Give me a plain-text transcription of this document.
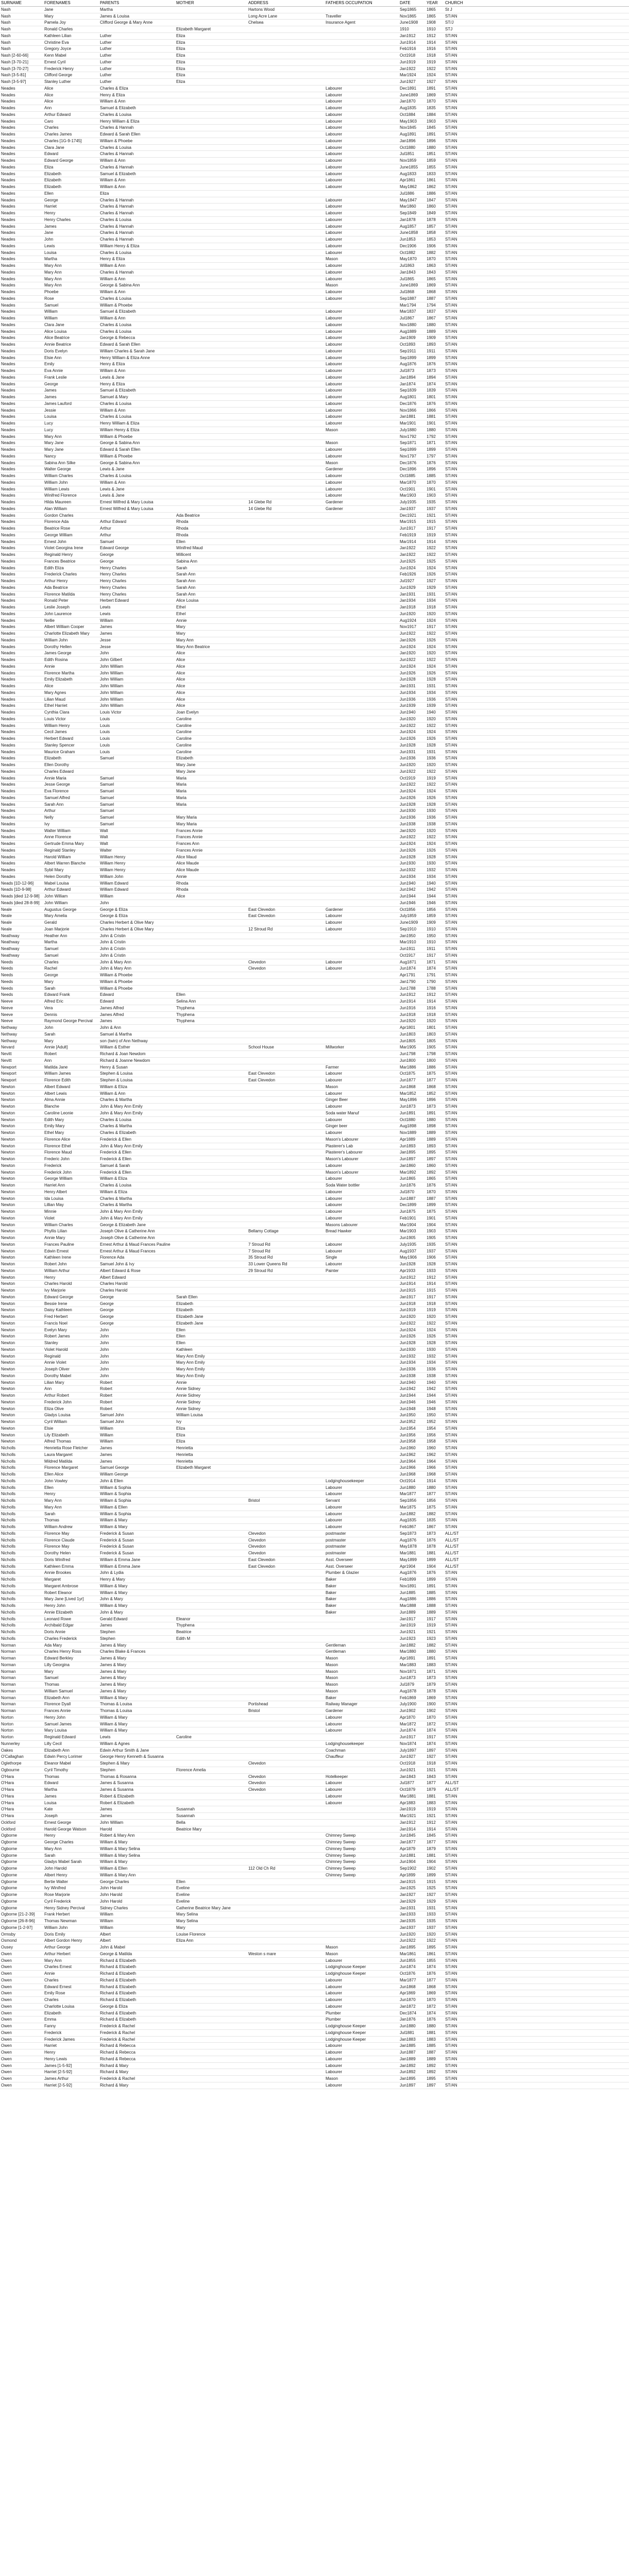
SURNAME	FORENAMES	PARENTS	MOTHER	ADDRESS	FATHERS OCCUPATION	DATE	YEAR	CHURCH	
Nash	Jane	Martha		Hartons Wood		Sep1865	1865	St J	
Nash	Mary	James & Louisa		Long Acre Lane	Traveller	Nov1865	1865	ST/AN	
Nash	Pamela Joy	Clifford George & Mary Anne		Chelsea	Insurance Agent	June1908	1908	ST/J	
Nash	Ronald Charles		Elizabeth Margaret			1910	1910	STJ	
Nash	Kathleen Lilian	Luther	Eliza			Jan1912	1912	ST/AN	
Nash	Christine Eva	Luther	Eliza			Jun1914	1914	ST/AN	
Nash	Gregory Joyce	Luther	Eliza			Feb1916	1916	ST/AN	
Nash [2-60-66]	Kenn Mabel	Luther	Eliza			Oct1918	1918	ST/AN	
Nash [3-70-21]	Ernest Cyril	Luther	Eliza			Jun1919	1919	ST/AN	
Nash [3-70-27]	Frederick Henry	Luther	Eliza			Jan1922	1922	ST/AN	
Nash [3-5-81]	Clifford George	Luther	Eliza			Mar1924	1924	ST/AN	
Nash [3-5-97]	Stanley Luther	Luther	Eliza			Jun1927	1927	ST/AN	
Neades	Alice	Charles & Eliza			Labourer	Dec1891	1891	ST/AN	
Neades	Alice	Henry & Eliza			Labourer	June1869	1869	ST/AN	
Neades	Alice	William & Ann			Labourer	Jan1870	1870	ST/AN	
Neades	Ann	Samuel & Elizabeth			Labourer	Aug1835	1835	ST/AN	
Neades	Arthur Edward	Charles & Louisa			Labourer	Oct1884	1884	ST/AN	
Neades	Caro	Henry William & Eliza			Labourer	May1903	1903	ST/AN	
Neades	Charles	Charles & Hannah			Labourer	Nov1845	1845	ST/AN	
Neades	Charles James	Edward & Sarah Ellen			Labourer	Aug1891	1891	ST/AN	
Neades	Charles [1G-9-1745]	William & Phoebe			Labourer	Jan1896	1896	ST/AN	
Neades	Clara Jane	Charles & Louisa			Labourer	Oct1880	1880	ST/AN	
Neades	Edward	Charles & Hannah			Labourer	Jul1851	1851	ST/AN	
Neades	Edward George	William & Ann			Labourer	Nov1859	1859	ST/AN	
Neades	Eliza	Charles & Hannah			Labourer	June1855	1855	ST/AN	
Neades	Elizabeth	Samuel & Elizabeth			Labourer	Aug1833	1833	ST/AN	
Neades	Elizabeth	William & Ann			Labourer	Apr1861	1861	ST/AN	
Neades	Elizabeth	William & Ann			Labourer	May1862	1862	ST/AN	
Neades	Ellen	Eliza				Jul1886	1886	ST/AN	
Neades	George	Charles & Hannah			Labourer	May1847	1847	ST/AN	
Neades	Harriet	Charles & Hannah			Labourer	Mar1860	1860	ST/AN	
Neades	Henry	Charles & Hannah			Labourer	Sep1849	1849	ST/AN	
Neades	Henry Charles	Charles & Louisa			Labourer	Jan1878	1878	ST/AN	
Neades	James	Charles & Hannah			Labourer	Aug1857	1857	ST/AN	
Neades	Jane	Charles & Hannah			Labourer	June1858	1858	ST/AN	
Neades	John	Charles & Hannah			Labourer	Jun1853	1853	ST/AN	
Neades	Lewis	William Henry & Eliza			Labourer	Dec1906	1906	ST/AN	
Neades	Louisa	Charles & Louisa			Labourer	Oct1882	1882	ST/AN	
Neades	Martha	Henry & Eliza			Mason	May1870	1870	ST/AN	
Neades	Mary Ann	William & Ann			Labourer	Jul1863	1863	ST/AN	
Neades	Mary Ann	Charles & Hannah			Labourer	Jan1843	1843	ST/AN	
Neades	Mary Ann	William & Ann			Labourer	Jul1865	1865	ST/AN	
Neades	Mary Ann	George & Sabina Ann			Mason	June1869	1869	ST/AN	
Neades	Phoebe	William & Ann			Labourer	Jul1868	1868	ST/AN	
Neades	Rose	Charles & Louisa			Labourer	Sep1887	1887	ST/AN	
Neades	Samuel	William & Phoebe				Mar1794	1794	ST/AN	
Neades	William	Samuel & Elizabeth			Labourer	Mar1837	1837	ST/AN	
Neades	William	William & Ann			Labourer	Jul1867	1867	ST/AN	
Neades	Clara Jane	Charles & Louisa			Labourer	Nov1880	1880	ST/AN	
Neades	Alice Louisa	Charles & Louisa			Labourer	Aug1889	1889	ST/AN	
Neades	Alice Beatrice	George & Rebecca			Labourer	Jan1909	1909	ST/AN	
Neades	Annie Beatrice	Edward & Sarah Ellen			Labourer	Oct1893	1893	ST/AN	
Neades	Doris Evelyn	William Charles & Sarah Jane			Labourer	Sep1911	1911	ST/AN	
Neades	Elsie Ann	Henry William & Eliza Anne			Labourer	Sep1899	1899	ST/AN	
Neades	Emily	Henry & Eliza			Labourer	Aug1876	1876	ST/AN	
Neades	Eva Annie	William & Ann			Labourer	Jul1873	1873	ST/AN	
Neades	Frank Leslie	Lewis & Jane			Labourer	Jan1894	1894	ST/AN	
Neades	George	Henry & Eliza			Labourer	Jan1874	1874	ST/AN	
Neades	James	Samuel & Elizabeth			Labourer	Sep1839	1839	ST/AN	
Neades	James	Samuel & Mary			Labourer	Aug1801	1801	ST/AN	
Neades	James Lauford	Charles & Louisa			Labourer	Dec1876	1876	ST/AN	
Neades	Jessie	William & Ann			Labourer	Nov1866	1866	ST/AN	
Neades	Louisa	Charles & Louisa			Labourer	Jan1881	1881	ST/AN	
Neades	Lucy	Henry William & Eliza			Labourer	Mar1901	1901	ST/AN	
Neades	Lucy	William Henry & Eliza			Mason	July1880	1880	ST/AN	
Neades	Mary Ann	William & Phoebe				Nov1792	1792	ST/AN	
Neades	Mary Jane	George & Sabina Ann			Mason	Sep1871	1871	ST/AN	
Neades	Mary Jane	Edward & Sarah Ellen			Labourer	Sep1899	1899	ST/AN	
Neades	Nancy	William & Phoebe			Labourer	Nov1797	1797	ST/AN	
Neades	Sabina Ann Silke	George & Sabina Ann			Mason	Dec1876	1876	ST/AN	
Neades	Walter George	Lewis & Jane			Gardener	Dec1896	1896	ST/AN	
Neades	William Charles	Charles & Louisa			Labourer	Oct1885	1885	ST/AN	
Neades	William John	William & Ann			Labourer	Mar1870	1870	ST/AN	
Neades	William Lewis	Lewis & Jane			Labourer	Oct1901	1901	ST/AN	
Neades	Winifred Florence	Lewis & Jane			Labourer	Mar1903	1903	ST/AN	
Neades	Hilda Maureen	Ernest Wilfred & Mary Louisa		14 Glebe Rd	Gardener	July1935	1935	ST/AN	
Neades	Alan William	Ernest Wilfred & Mary Louisa		14 Glebe Rd	Gardener	Jan1937	1937	ST/AN	
Neades	Gordon Charles		Ada Beatrice			Dec1921	1921	ST/AN	
Neades	Florence Ada	Arthur Edward	Rhoda			Mar1915	1915	ST/AN	
Neades	Beatrice Rose	Arthur	Rhoda			Jun1917	1917	ST/AN	
Neades	George William	Arthur	Rhoda			Feb1919	1919	ST/AN	
Neades	Ernest John	Samuel	Ellen			Mar1914	1914	ST/AN	
Neades	Violet Georgina Irene	Edward George	Winifred Maud			Jan1922	1922	ST/AN	
Neades	Reginald Henry	George	Millicent			Jan1922	1922	ST/AN	
Neades	Frances Beatrice	George	Sabina Ann			Jun1925	1925	ST/AN	
Neades	Edith Eliza	Henry Charles	Sarah			Jun1924	1924	ST/AN	
Neades	Frederick Charles	Henry Charles	Sarah Ann			Feb1926	1926	ST/AN	
Neades	Arthur Henry	Henry Charles	Sarah Ann			Jul1927	1927	ST/AN	
Neades	Ada Beatrice	Henry Charles	Sarah Ann			Jun1929	1929	ST/AN	
Neades	Florence Matilda	Henry Charles	Sarah Ann			Jan1931	1931	ST/AN	
Neades	Ronald Peter	Herbert Edward	Alice Louisa			Jan1934	1934	ST/AN	
Neades	Leslie Joseph	Lewis	Ethel			Jan1918	1918	ST/AN	
Neades	John Laurence	Lewis	Ethel			Jun1920	1920	ST/AN	
Neades	Nellie	William	Annie			Aug1924	1924	ST/AN	
Neades	Albert William Cooper	James	Mary			Nov1917	1917	ST/AN	
Neades	Charlotte Elizabeth Mary	James	Mary			Jun1922	1922	ST/AN	
Neades	William John	Jesse	Mary Ann			Jan1926	1926	ST/AN	
Neades	Dorothy Hellen	Jesse	Mary Ann Beatrice			Jun1924	1924	ST/AN	
Neades	James George	John	Alice			Jan1920	1920	ST/AN	
Neades	Edith Rosina	John Gilbert	Alice			Jun1922	1922	ST/AN	
Neades	Annie	John William	Alice			Jun1924	1924	ST/AN	
Neades	Florence Martha	John William	Alice			Jun1926	1926	ST/AN	
Neades	Emily Elizabeth	John William	Alice			Jun1928	1928	ST/AN	
Neades	Alice	John William	Alice			Jan1931	1931	ST/AN	
Neades	Mary Agnes	John William	Alice			Jun1934	1934	ST/AN	
Neades	Lilian Maud	John William	Alice			Jun1936	1936	ST/AN	
Neades	Ethel Harriet	John William	Alice			Jun1939	1939	ST/AN	
Neades	Cynthia Clara	Louis Victor	Joan Evelyn			Jun1940	1940	ST/AN	
Neades	Louis Victor	Louis	Caroline			Jun1920	1920	ST/AN	
Neades	William Henry	Louis	Caroline			Jun1922	1922	ST/AN	
Neades	Cecil James	Louis	Caroline			Jun1924	1924	ST/AN	
Neades	Herbert Edward	Louis	Caroline			Jun1926	1926	ST/AN	
Neades	Stanley Spencer	Louis	Caroline			Jun1928	1928	ST/AN	
Neades	Maurice Graham	Louis	Caroline			Jun1931	1931	ST/AN	
Neades	Elizabeth	Samuel	Elizabeth			Jun1936	1936	ST/AN	
Neades	Ellen Dorothy		Mary Jane			Jun1920	1920	ST/AN	
Neades	Charles Edward		Mary Jane			Jun1922	1922	ST/AN	
Neades	Annie Maria	Samuel	Maria			Oct1919	1919	ST/AN	
Neades	Jesse George	Samuel	Maria			Jun1922	1922	ST/AN	
Neades	Eva Florence	Samuel	Maria			Jun1924	1924	ST/AN	
Neades	Samuel Alfred	Samuel	Maria			Jun1926	1926	ST/AN	
Neades	Sarah Ann	Samuel	Maria			Jun1928	1928	ST/AN	
Neades	Arthur	Samuel				Jun1930	1930	ST/AN	
Neades	Nelly	Samuel	Mary Maria			Jun1936	1936	ST/AN	
Neades	Ivy	Samuel	Mary Maria			Jun1938	1938	ST/AN	
Neades	Walter William	Walt	Frances Annie			Jan1920	1920	ST/AN	
Neades	Anne Florence	Walt	Frances Annie			Jun1922	1922	ST/AN	
Neades	Gertrude Emma Mary	Walt	Frances Ann			Jun1924	1924	ST/AN	
Neades	Reginald Stanley	Walter	Frances Annie			Jun1926	1926	ST/AN	
Neades	Harold William	William Henry	Alice Maud			Jun1928	1928	ST/AN	
Neades	Albert Warren Blanche	William Henry	Alice Maude			Jun1930	1930	ST/AN	
Neades	Sybil Mary	William Henry	Alice Maude			Jun1932	1932	ST/AN	
Neades	Helen Dorothy	William John	Annie			Jun1934	1934	ST/AN	
Neads [1D-12-96]	Mabel Louisa	William Edward	Rhoda			Jun1940	1940	ST/AN	
Neads [1D-9-98]	Arthur Edward	William Edward	Rhoda			Jun1942	1942	ST/AN	
Neads [died 12-9-98]	John William	William	Alice			Jun1944	1944	ST/AN	
Neads [died 28-8-99]	John William	John				Jun1946	1946	ST/AN	
Neale	Augustus George	George & Eliza		East Clevedon	Gardener	Oct1856	1856	ST/AN	
Neale	Mary Amelia	George & Eliza		East Clevedon	Labourer	July1859	1859	ST/AN	
Neale	Gerald	Charles Herbert & Olive Mary			Labourer	June1909	1909	ST/AN	
Neale	Joan Marjorie	Charles Herbert & Olive Mary		12 Stroud Rd	Labourer	Sep1910	1910	ST/AN	
Neathway	Heather Ann	John & Cristin				Jan1950	1950	ST/AN	
Neathway	Martha	John & Cristin				Mar1910	1910	ST/AN	
Neathway	Samuel	John & Cristin				Jun1911	1911	ST/AN	
Neathway	Samuel	John & Cristin				Oct1917	1917	ST/AN	
Needs	Charles	John & Mary Ann		Clevedon	Labourer	Aug1871	1871	ST/AN	
Needs	Rachel	John & Mary Ann		Clevedon	Labourer	Jun1874	1874	ST/AN	
Needs	George	William & Phoebe				Apr1791	1791	ST/AN	
Needs	Mary	William & Phoebe				Jan1790	1790	ST/AN	
Needs	Sarah	William & Phoebe				Jun1788	1788	ST/AN	
Needs	Edward Frank	Edward	Ellen			Jun1912	1912	ST/AN	
Neeve	Alfred Eric	Edward	Selina Ann			Jun1914	1914	ST/AN	
Neeve	Vera	James Alfred	Thyphena			Jun1916	1916	ST/AN	
Neeve	Dennis	James Alfred	Thyphena			Jun1918	1918	ST/AN	
Neeve	Raymond George Percival	James	Thyphena			Jun1920	1920	ST/AN	
Nethway	John	John & Ann				Apr1801	1801	ST/AN	
Nethway	Sarah	Samuel & Martha				Jun1803	1803	ST/AN	
Nethway	Mary	son (twin) of Ann Nethway				Jun1805	1805	ST/AN	
Nevard	Annie [Adult]	William & Esther		School House	Millworker	Mar1905	1905	ST/AN	
Nevitt	Robert	Richard & Joan Newdom				Jun1798	1798	ST/AN	
Nevitt	Ann	Richard & Joanne Newdom				Jun1800	1800	ST/AN	
Newport	Matilda Jane	Henry & Susan			Farmer	Mar1886	1886	ST/AN	
Newport	William James	Stephen & Louisa		East Clevedon	Labourer	Oct1875	1875	ST/AN	
Newport	Florence Edith	Stephen & Louisa		East Clevedon	Labourer	Jun1877	1877	ST/AN	
Newton	Albert Edward	William & Eliza			Mason	Jun1868	1868	ST/AN	
Newton	Albert Lewis	William & Ann			Labourer	Mar1852	1852	ST/AN	
Newton	Alma Annie	Charles & Martha			Ginger Beer	May1896	1896	ST/AN	
Newton	Blanche	John & Mary Ann Emily			Labourer	Jun1873	1873	ST/AN	
Newton	Caroline Leonie	John & Mary Ann Emily			Soda water Manuf	Jun1891	1891	ST/AN	
Newton	Edith Mary	Charles & Louisa			Labourer	Oct1880	1880	ST/AN	
Newton	Emily Mary	Charles & Martha			Ginger beer	Aug1898	1898	ST/AN	
Newton	Ethel Mary	Charles & Elizabeth			Labourer	Nov1889	1889	ST/AN	
Newton	Florence Alice	Frederick & Ellen			Mason's Labourer	Apr1889	1889	ST/AN	
Newton	Florence Ethel	John & Mary Ann Emily			Plasterer's Lab	Jun1893	1893	ST/AN	
Newton	Florence Maud	Frederick & Ellen			Plasterer's Labourer	Jan1895	1895	ST/AN	
Newton	Frederic John	Frederick & Ellen			Mason's Labourer	Jun1897	1897	ST/AN	
Newton	Frederick	Samuel & Sarah			Labourer	Jan1860	1860	ST/AN	
Newton	Frederick John	Frederick & Ellen			Mason's Labourer	Mar1892	1892	ST/AN	
Newton	George William	William & Eliza			Labourer	Jun1865	1865	ST/AN	
Newton	Harriet Ann	Charles & Louisa			Soda Water bottler	Jun1876	1876	ST/AN	
Newton	Henry Albert	William & Eliza			Labourer	Jul1870	1870	ST/AN	
Newton	Ida Louisa	Charles & Martha			Labourer	Jun1887	1887	ST/AN	
Newton	Lillian May	Charles & Martha			Labourer	Dec1899	1899	ST/AN	
Newton	Minnie	John & Mary Ann Emily			Labourer	Jun1875	1875	ST/AN	
Newton	Violet	John & Mary Ann Emily			Labourer	Feb1901	1901	ST/AN	
Newton	William Charles	George & Elizabeth Jane			Masons Labourer	Mar1904	1904	ST/AN	
Newton	Phyllis Lilian	Joseph Olive & Catherine Ann		Bellamy Cottage	Bread Hawker	Mar1903	1903	ST/AN	
Newton	Annie Mary	Joseph Olive & Catherine Ann				Jun1905	1905	ST/AN	
Newton	Frances Pauline	Ernest Arthur & Maud Frances Pauline		7 Stroud Rd	Labourer	July1935	1935	ST/AN	
Newton	Edwin Ernest	Ernest Arthur & Maud Frances		7 Stroud Rd	Labourer	Aug1937	1937	ST/AN	
Newton	Kathleen Irene	Florence Ada		35 Stroud Rd	Single	May1906	1906	ST/AN	
Newton	Robert John	Samuel John & Ivy		33 Lower Queens Rd	Labourer	Jun1928	1928	ST/AN	
Newton	William Arthur	Albert Edward & Rose		29 Stroud Rd	Painter	Apr1933	1933	ST/AN	
Newton	Henry	Albert Edward				Jun1912	1912	ST/AN	
Newton	Charles Harold	Charles Harold				Jun1914	1914	ST/AN	
Newton	Ivy Marjorie	Charles Harold				Jun1915	1915	ST/AN	
Newton	Edward George	George	Sarah Ellen			Jan1917	1917	ST/AN	
Newton	Bessie Irene	George	Elizabeth			Jun1918	1918	ST/AN	
Newton	Daisy Kathleen	George	Elizabeth			Jun1919	1919	ST/AN	
Newton	Fred Herbert	George	Elizabeth Jane			Jun1920	1920	ST/AN	
Newton	Francis Noel	George	Elizabeth Jane			Jun1922	1922	ST/AN	
Newton	Evelyn Mary	John	Ellen			Jun1924	1924	ST/AN	
Newton	Robert James	John	Ellen			Jun1926	1926	ST/AN	
Newton	Stanley	John	Ellen			Jun1928	1928	ST/AN	
Newton	Violet Harold	John	Kathleen			Jun1930	1930	ST/AN	
Newton	Reginald	John	Mary Ann Emily			Jun1932	1932	ST/AN	
Newton	Annie Violet	John	Mary Ann Emily			Jun1934	1934	ST/AN	
Newton	Joseph Oliver	John	Mary Ann Emily			Jun1936	1936	ST/AN	
Newton	Dorothy Mabel	John	Mary Ann Emily			Jun1938	1938	ST/AN	
Newton	Lilian Mary	Robert	Annie			Jun1940	1940	ST/AN	
Newton	Ann	Robert	Annie Sidney			Jun1942	1942	ST/AN	
Newton	Arthur Robert	Robert	Annie Sidney			Jun1944	1944	ST/AN	
Newton	Frederick John	Robert	Annie Sidney			Jun1946	1946	ST/AN	
Newton	Eliza Olive	Robert	Annie Sidney			Jun1948	1948	ST/AN	
Newton	Gladys Louisa	Samuel John	William Louisa			Jun1950	1950	ST/AN	
Newton	Cyril William	Samuel John	Ivy			Jun1952	1952	ST/AN	
Newton	Elsie	William	Eliza			Jun1954	1954	ST/AN	
Newton	Lily Elizabeth	William	Eliza			Jun1956	1956	ST/AN	
Newton	Alfred Thomas	William	Eliza			Jun1958	1958	ST/AN	
Nicholls	Henrietta Rose Fletcher	James	Henrietta			Jun1960	1960	ST/AN	
Nicholls	Laura Margaret	James	Henrietta			Jun1962	1962	ST/AN	
Nicholls	Mildred Matilda	James	Henrietta			Jun1964	1964	ST/AN	
Nicholls	Florence Margaret	Samuel George	Elizabeth Margaret			Jun1966	1966	ST/AN	
Nicholls	Ellen Alice	William George				Jun1968	1968	ST/AN	
Nicholls	John Vowley	John & Ellen			Lodginghousekeeper	Oct1914	1914	ST/AN	
Nicholls	Ellen	William & Sophia			Labourer	Jun1880	1880	ST/AN	
Nicholls	Henry	William & Sophia			Labourer	Mar1877	1877	ST/AN	
Nicholls	Mary Ann	William & Sophia		Bristol	Servant	Sep1856	1856	ST/AN	
Nicholls	Mary Ann	William & Ellen			Labourer	Mar1875	1875	ST/AN	
Nicholls	Sarah	William & Sophia			Labourer	Jun1882	1882	ST/AN	
Nicholls	Thomas	William & Mary			Labourer	Aug1835	1835	ST/AN	
Nicholls	William Andrew	William & Mary			Labourer	Feb1867	1867	ST/AN	
Nicholls	Florence May	Frederick & Susan		Clevedon	postmaster	Sep1873	1873	ALL/ST	
Nicholls	Florence Claude	Frederick & Susan		Clevedon	postmaster	Aug1876	1876	ALL/ST	
Nicholls	Florence May	Frederick & Susan		Clevedon	postmaster	May1878	1878	ALL/ST	
Nicholls	Dorothy Helen	Frederick & Susan		Clevedon	postmaster	Mar1881	1881	ALL/ST	
Nicholls	Doris Winifred	William & Emma Jane		East Clevedon	Asst. Overseer	May1899	1899	ALL/ST	
Nicholls	Kathleen Emma	William & Emma Jane		East Clevedon	Asst. Overseer	Apr1904	1904	ALL/ST	
Nicholls	Annie Brookes	John & Lydia			Plumber & Glazier	Aug1876	1876	ST/AN	
Nicholls	Margaret	Henry & Mary			Baker	Feb1899	1899	ST/AN	
Nicholls	Margaret Ambrose	William & Mary			Baker	Nov1891	1891	ST/AN	
Nicholls	Robert Eleanor	William & Mary			Baker	Jun1885	1885	ST/AN	
Nicholls	Mary Jane [Lived 1yr]	John & Mary			Baker	Aug1886	1886	ST/AN	
Nicholls	Henry John	William & Mary			Baker	Mar1888	1888	ST/AN	
Nicholls	Annie Elizabeth	John & Mary			Baker	Jun1889	1889	ST/AN	
Nicholls	Leonard Rowe	Gerald Edward	Eleanor			Jan1917	1917	ST/AN	
Nicholls	Archibald Edgar	James	Thyphena			Jan1919	1919	ST/AN	
Nicholls	Doris Annie	Stephen	Beatrice			Jun1921	1921	ST/AN	
Nicholls	Charles Frederick	Stephen	Edith M			Jun1923	1923	ST/AN	
Norman	Ada Mary	James & Mary			Gentleman	Jan1882	1882	ST/AN	
Norman	Charles Henry Ross	Charles Blake & Frances			Gentleman	Mar1880	1880	ST/AN	
Norman	Edward Berkley	James & Mary			Mason	Apr1891	1891	ST/AN	
Norman	Lilly Georgina	James & Mary			Mason	Mar1883	1883	ST/AN	
Norman	Mary	James & Mary			Mason	Nov1871	1871	ST/AN	
Norman	Samuel	James & Mary			Mason	Jun1873	1873	ST/AN	
Norman	Thomas	James & Mary			Mason	Jul1879	1879	ST/AN	
Norman	William Samuel	James & Mary			Mason	Aug1878	1878	ST/AN	
Norman	Elizabeth Ann	William & Mary			Baker	Feb1869	1869	ST/AN	
Norman	Florence Dyall	Thomas & Louisa		Portishead	Railway Manager	July1900	1900	ST/AN	
Norman	Frances Annie	Thomas & Louisa		Bristol	Gardener	Jun1902	1902	ST/AN	
Norton	Henry John	William & Mary			Labourer	Apr1870	1870	ST/AN	
Norton	Samuel James	William & Mary			Labourer	Mar1872	1872	ST/AN	
Norton	Mary Louisa	William & Mary			Labourer	Jun1874	1874	ST/AN	
Norton	Reginald Edward	Lewis	Caroline			Jun1917	1917	ST/AN	
Nunnerley	Lilly Cecil	William & Agnes			Lodginghousekeeper	Nov1874	1874	ST/AN	
Oakes	Elizabeth Ann	Edwin Arthur Smith & Jane			Coachman	July1897	1897	ST/AN	
O'Callaghan	Edwin Percy Lorimer	George Henry Kenneth & Susanna			Chauffeur	Jun1927	1927	ST/AN	
Oglethorpe	Eleanor Mabel	Stephen & Mary		Clevedon		Oct1918	1918	ST/AN	
Ogbourne	Cyril Timothy	Stephen	Florence Amelia			Jun1921	1921	ST/AN	
O'Hara	Thomas	Thomas & Rosanna		Clevedon	Hotelkeeper	Jan1843	1843	ST/AN	
O'Hara	Edward	James & Susanna		Clevedon	Labourer	Jul1877	1877	ALL/ST	
O'Hara	Martha	James & Susanna		Clevedon	Labourer	Oct1879	1879	ALL/ST	
O'Hara	James	Robert & Elizabeth			Labourer	Mar1881	1881	ST/AN	
O'Hara	Louisa	Robert & Elizabeth			Labourer	Apr1883	1883	ST/AN	
O'Hara	Kate	James	Susannah			Jan1919	1919	ST/AN	
O'Hara	Joseph	James	Susannah			Mar1921	1921	ST/AN	
Ockford	Ernest George	John William	Bella			Jan1912	1912	ST/AN	
Ockford	Harold George Watson	Harold	Beatrice Mary			Jan1914	1914	ST/AN	
Ogborne	Henry	Robert & Mary Ann			Chimney Sweep	Jun1845	1845	ST/AN	
Ogborne	George Charles	William & Mary			Chimney Sweep	Jan1877	1877	ST/AN	
Ogborne	Mary Ann	William & Mary Selina			Chimney Sweep	Apr1879	1879	ST/AN	
Ogborne	Sarah	William & Mary Selina			Chimney Sweep	Jun1881	1881	ST/AN	
Ogborne	Gladys Mabel Sarah	William & Mary			Chimney Sweep	Jun1904	1904	ST/AN	
Ogborne	John Harold	William & Ellen		112 Old Ch Rd	Chimney Sweep	Sep1902	1902	ST/AN	
Ogborne	Albert Henry	William & Mary Ann			Chimney Sweep	Apr1899	1899	ST/AN	
Ogborne	Bertie Walter	George Charles	Ellen			Jan1915	1915	ST/AN	
Ogborne	Ivy Winifred	John Harold	Eveline			Jan1925	1925	ST/AN	
Ogborne	Rose Marjorie	John Harold	Eveline			Jan1927	1927	ST/AN	
Ogborne	Cyril Frederick	John Harold	Eveline			Jan1929	1929	ST/AN	
Ogborne	Henry Sidney Percival	Sidney Charles	Catherine Beatrice Mary Jane			Jan1931	1931	ST/AN	
Ogborne [21-2-39]	Frank Herbert	William	Mary Selina			Jan1933	1933	ST/AN	
Ogborne [26-8-96]	Thomas Newman	William	Mary Selina			Jan1935	1935	ST/AN	
Ogborne [1-2-97]	William John	William	Mary			Jan1937	1937	ST/AN	
Ormsby	Doris Emily	Albert	Louise Florence			Jun1920	1920	ST/AN	
Osmond	Albert Gordon Henry	Albert	Eliza Ann			Jun1922	1922	ST/AN	
Ousey	Arthur George	John & Mabel			Mason	Jan1895	1895	ST/AN	
Owen	Arthur Herbert	George & Matilda		Weston s mare	Mason	Mar1861	1861	ST/AN	
Owen	Mary Ann	Richard & Elizabeth			Labourer	Jun1855	1855	ST/AN	
Owen	Charles Ernest	Richard & Elizabeth			Lodginghouse Keeper	Jun1874	1874	ST/AN	
Owen	Annie	Richard & Elizabeth			Lodginghouse Keeper	Oct1876	1876	ST/AN	
Owen	Charles	Richard & Elizabeth			Labourer	Mar1877	1877	ST/AN	
Owen	Edward Ernest	Richard & Elizabeth			Labourer	Jun1868	1868	ST/AN	
Owen	Emily Rose	Richard & Elizabeth			Labourer	Apr1869	1869	ST/AN	
Owen	Charles	Richard & Elizabeth			Labourer	Jun1870	1870	ST/AN	
Owen	Charlotte Louisa	George & Eliza			Labourer	Jan1872	1872	ST/AN	
Owen	Elizabeth	Richard & Elizabeth			Plumber	Dec1874	1874	ST/AN	
Owen	Emma	Richard & Elizabeth			Plumber	Jan1876	1876	ST/AN	
Owen	Fanny	Frederick & Rachel			Lodginghouse Keeper	Jun1880	1880	ST/AN	
Owen	Frederick	Frederick & Rachel			Lodginghouse Keeper	Jul1881	1881	ST/AN	
Owen	Frederick James	Frederick & Rachel			Lodginghouse Keeper	Jan1883	1883	ST/AN	
Owen	Harriet	Richard & Rebecca			Labourer	Jan1885	1885	ST/AN	
Owen	Henry	Richard & Rebecca			Labourer	Jun1887	1887	ST/AN	
Owen	Henry Lewis	Richard & Rebecca			Labourer	Jan1889	1889	ST/AN	
Owen	James [1-5-92]	Richard & Mary			Labourer	Jan1892	1892	ST/AN	
Owen	Harriet [2-5-92]	Richard & Mary			Labourer	Jun1892	1892	ST/AN	
Owen	James Arthur	Frederick & Rachel			Mason	Jan1895	1895	ST/AN	
Owen	Harriet [2-5-92]	Richard & Mary			Labourer	Jun1897	1897	ST/AN	
